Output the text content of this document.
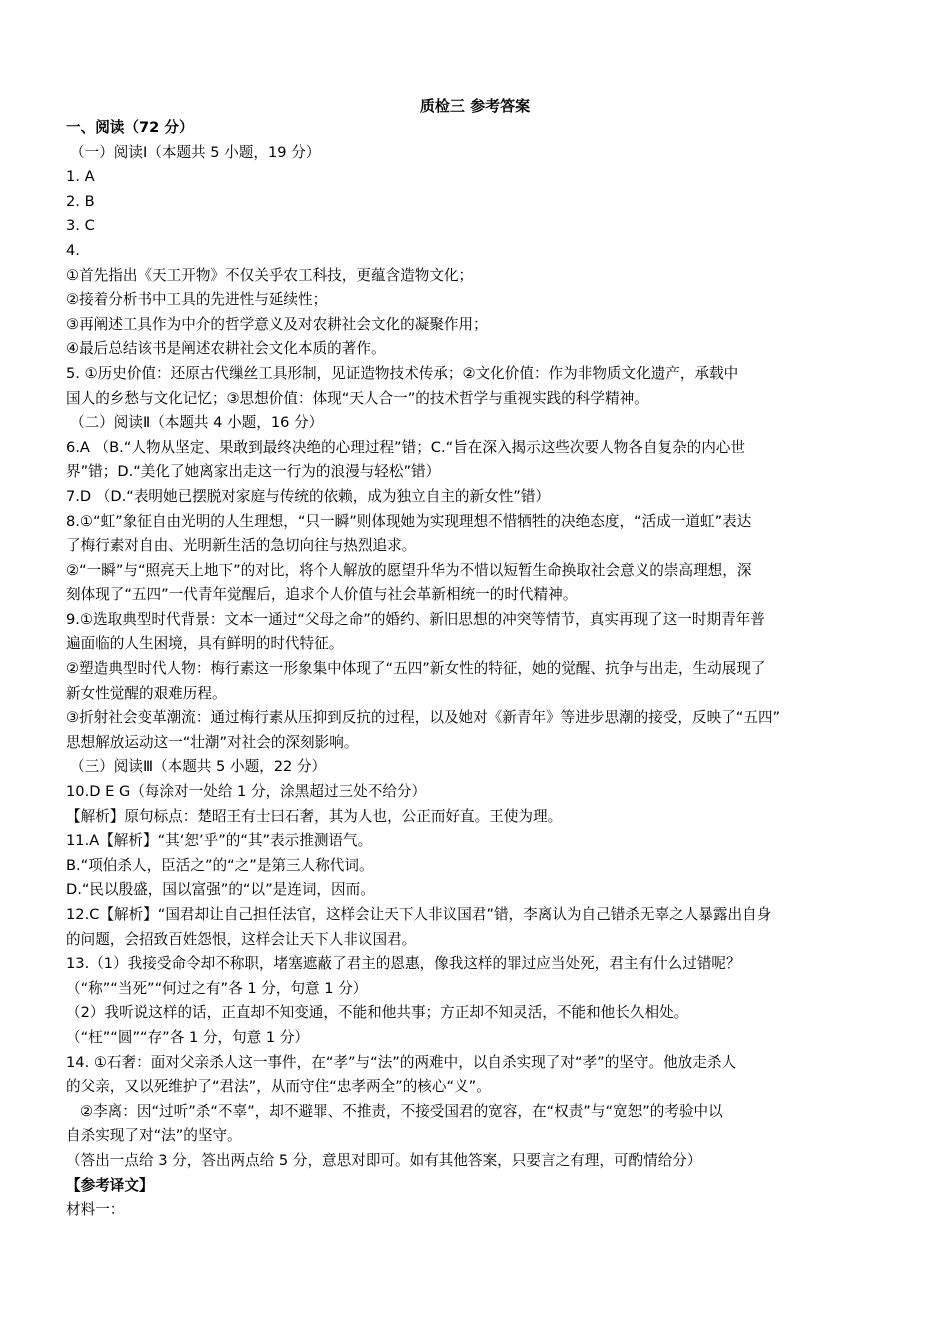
质检三 参考答案
一、阅读（72 分）
（一）阅读Ⅰ（本题共 5 小题，19 分）
1. A
2. B
3. C
4.
①首先指出《天工开物》不仅关乎农工科技，更蕴含造物文化；
②接着分析书中工具的先进性与延续性；
③再阐述工具作为中介的哲学意义及对农耕社会文化的凝聚作用；
④最后总结该书是阐述农耕社会文化本质的著作。
5. ①历史价值：还原古代缫丝工具形制，见证造物技术传承；②文化价值：作为非物质文化遗产，承载中
国人的乡愁与文化记忆；③思想价值：体现“天人合一”的技术哲学与重视实践的科学精神。
（二）阅读Ⅱ（本题共 4 小题，16 分）
6.A （B.“人物从坚定、果敢到最终决绝的心理过程”错；C.“旨在深入揭示这些次要人物各自复杂的内心世
界”错；D.“美化了她离家出走这一行为的浪漫与轻松”错）
7.D （D.“表明她已摆脱对家庭与传统的依赖，成为独立自主的新女性”错）
8.①“虹”象征自由光明的人生理想，“只一瞬”则体现她为实现理想不惜牺牲的决绝态度，“活成一道虹”表达
了梅行素对自由、光明新生活的急切向往与热烈追求。
②“一瞬”与“照亮天上地下”的对比，将个人解放的愿望升华为不惜以短暂生命换取社会意义的崇高理想，深
刻体现了“五四”一代青年觉醒后，追求个人价值与社会革新相统一的时代精神。
9.①选取典型时代背景：文本一通过“父母之命”的婚约、新旧思想的冲突等情节，真实再现了这一时期青年普
遍面临的人生困境，具有鲜明的时代特征。
②塑造典型时代人物：梅行素这一形象集中体现了“五四”新女性的特征，她的觉醒、抗争与出走，生动展现了
新女性觉醒的艰难历程。
③折射社会变革潮流：通过梅行素从压抑到反抗的过程，以及她对《新青年》等进步思潮的接受，反映了“五四”
思想解放运动这一“壮潮”对社会的深刻影响。
（三）阅读Ⅲ（本题共 5 小题，22 分）
10.D E G（每涂对一处给 1 分，涂黑超过三处不给分）
【解析】原句标点：楚昭王有士曰石奢，其为人也，公正而好直。王使为理。
11.A【解析】“其‘恕’乎”的“其”表示推测语气。
B.“项伯杀人，臣活之”的“之”是第三人称代词。
D.“民以殷盛，国以富强”的“以”是连词，因而。
12.C【解析】“国君却让自己担任法官，这样会让天下人非议国君”错，李离认为自己错杀无辜之人暴露出自身
的问题，会招致百姓怨恨，这样会让天下人非议国君。
13.（1）我接受命令却不称职，堵塞遮蔽了君主的恩惠，像我这样的罪过应当处死，君主有什么过错呢？
（“称”“当死”“何过之有”各 1 分，句意 1 分）
（2）我听说这样的话，正直却不知变通，不能和他共事；方正却不知灵活，不能和他长久相处。
（“枉”“圆”“存”各 1 分，句意 1 分）
14. ①石奢：面对父亲杀人这一事件，在“孝”与“法”的两难中，以自杀实现了对“孝”的坚守。他放走杀人
的父亲，又以死维护了“君法”，从而守住“忠孝两全”的核心“义”。
②李离：因“过听”杀“不辜”，却不避罪、不推责，不接受国君的宽容，在“权责”与“宽恕”的考验中以
自杀实现了对“法”的坚守。
（答出一点给 3 分，答出两点给 5 分，意思对即可。如有其他答案，只要言之有理，可酌情给分）
【参考译文】
材料一：
